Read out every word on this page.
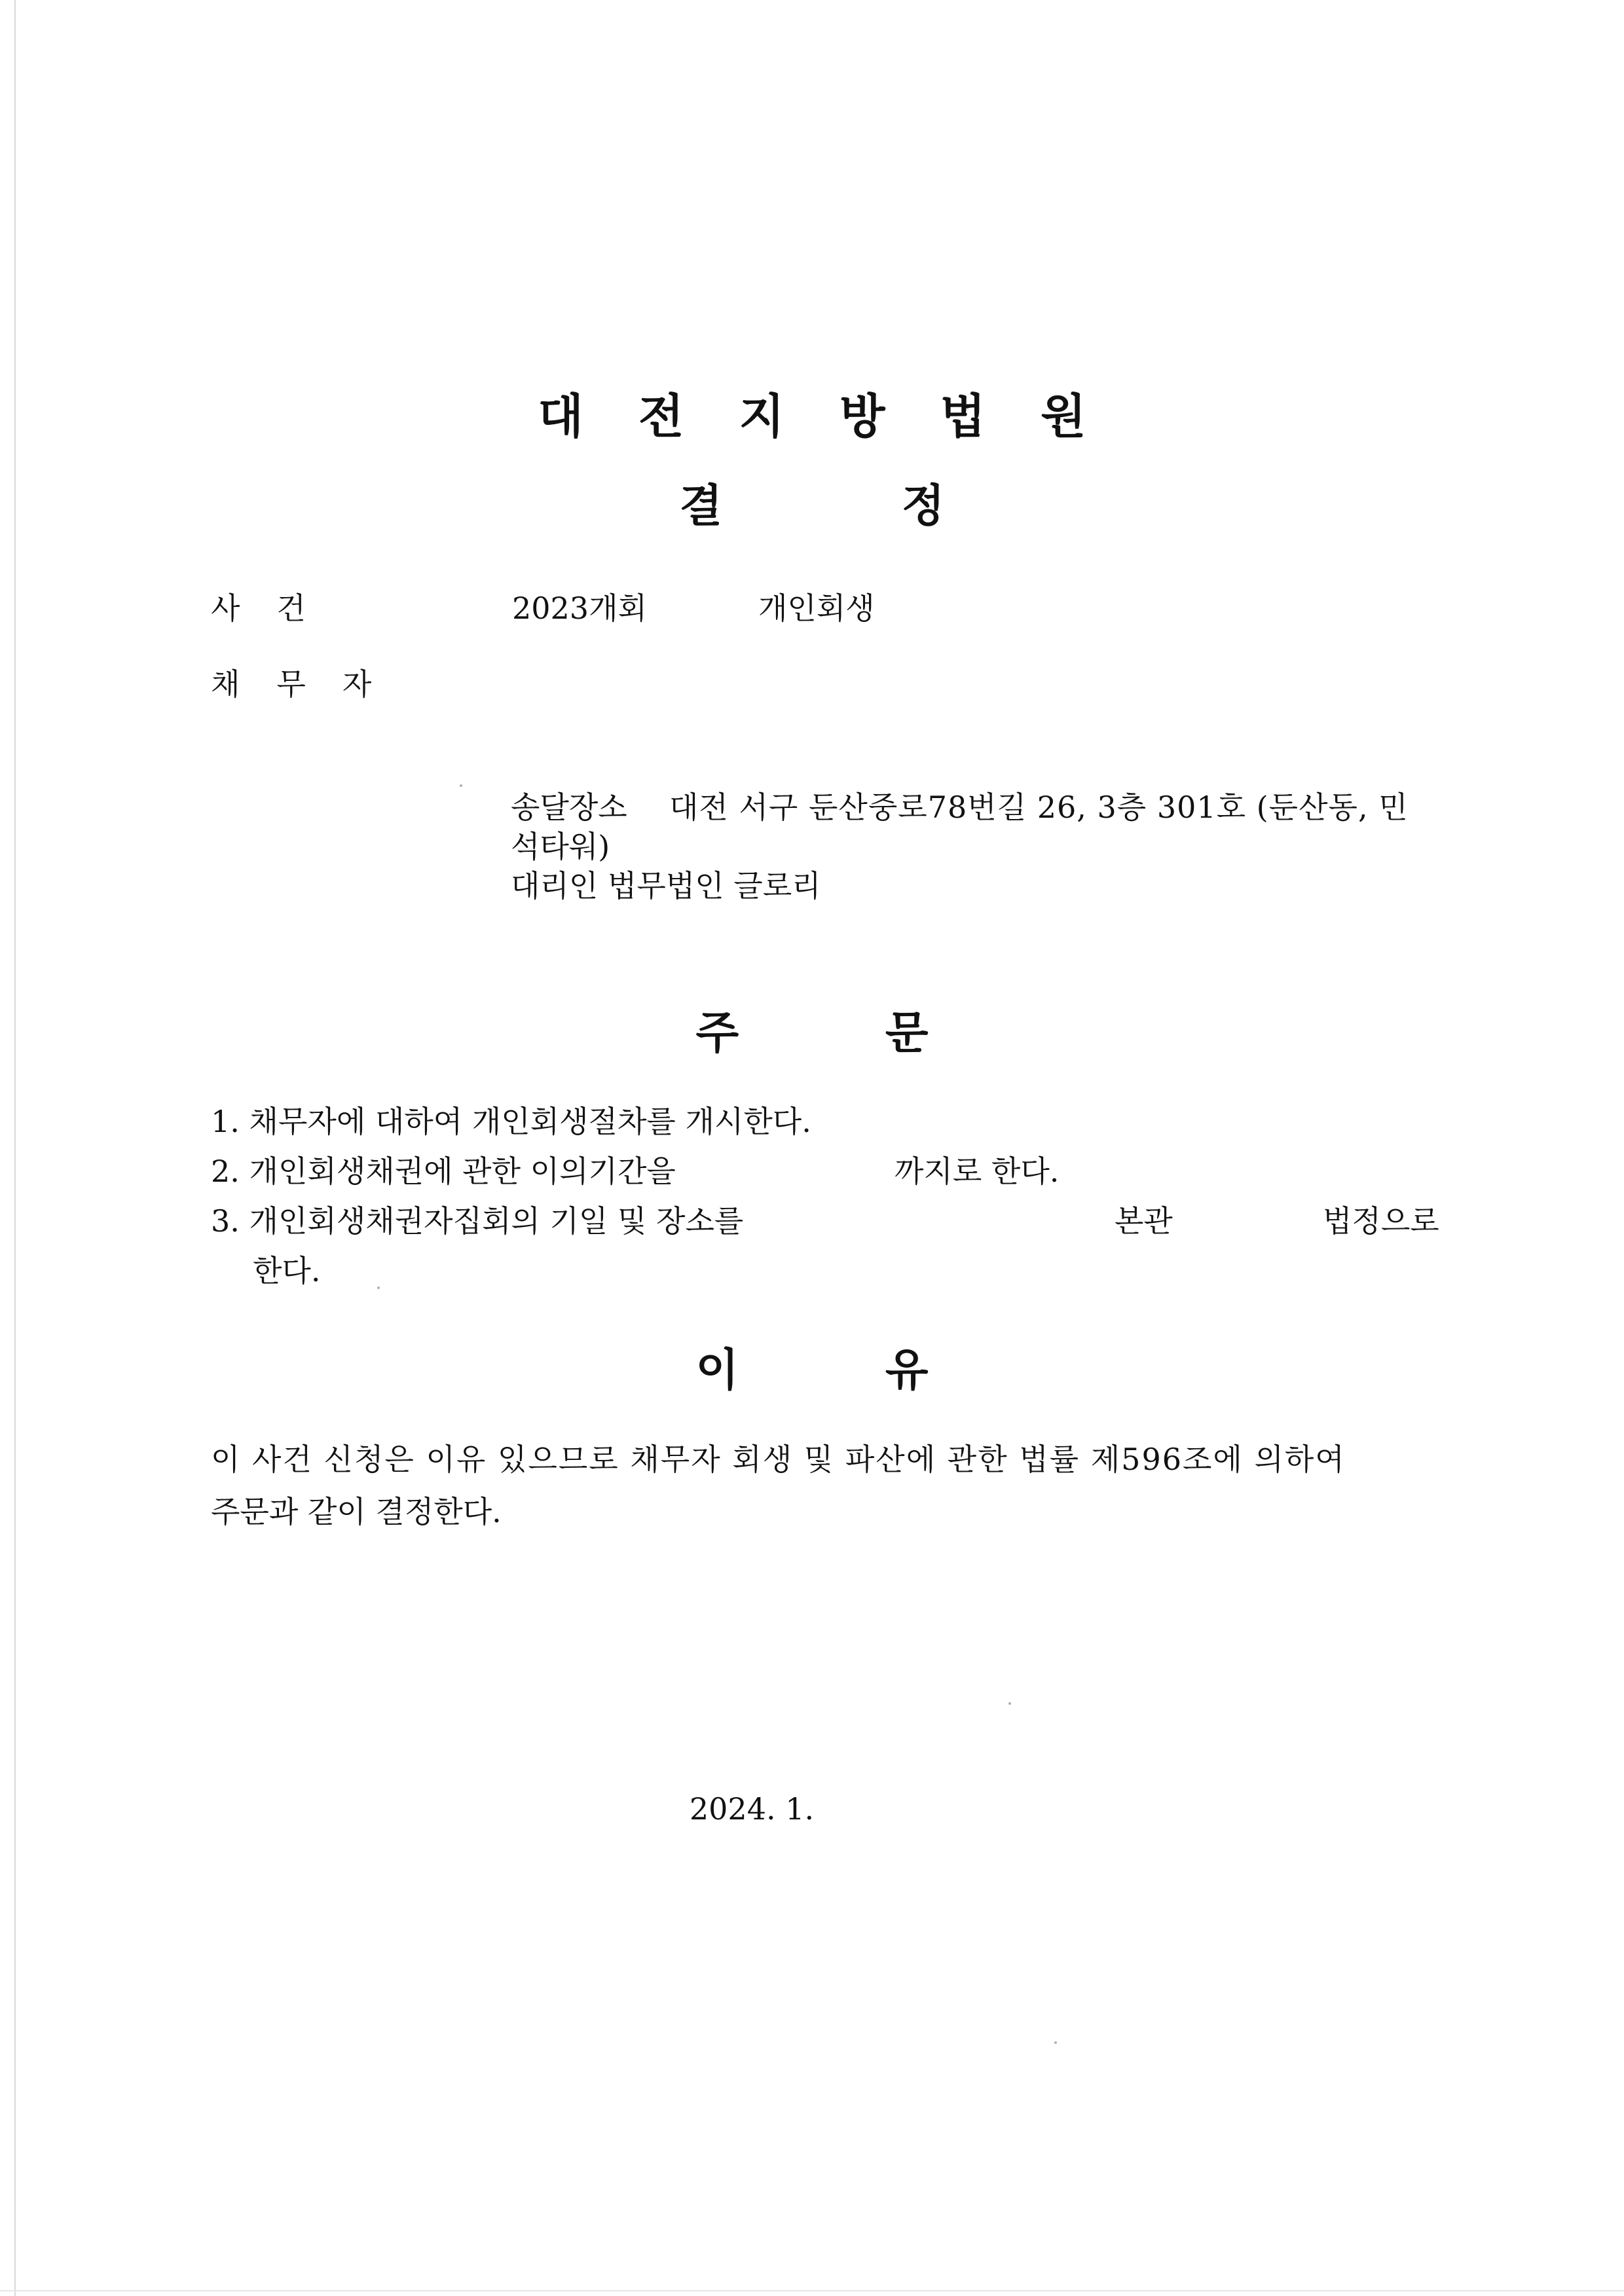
대전지방법원
결 정
사건	2023개회	개인회생
채무자
송달장소 대전 서구 둔산중로78번길 26, 3층 301호 (둔산동, 민
석타워)
대리인 법무법인 글로리
주 문
1. 채무자에 대하여 개인회생절차를 개시한다.
2. 개인회생채권에 관한 이의기간을	까지로 한다.
3. 개인회생채권자집회의 기일 및 장소를	본관	법정으로
한다.
이 유
이 사건 신청은 이유 있으므로 채무자 회생 및 파산에 관한 법률 제596조에 의하여
주문과 같이 결정한다.
2024. 1.
